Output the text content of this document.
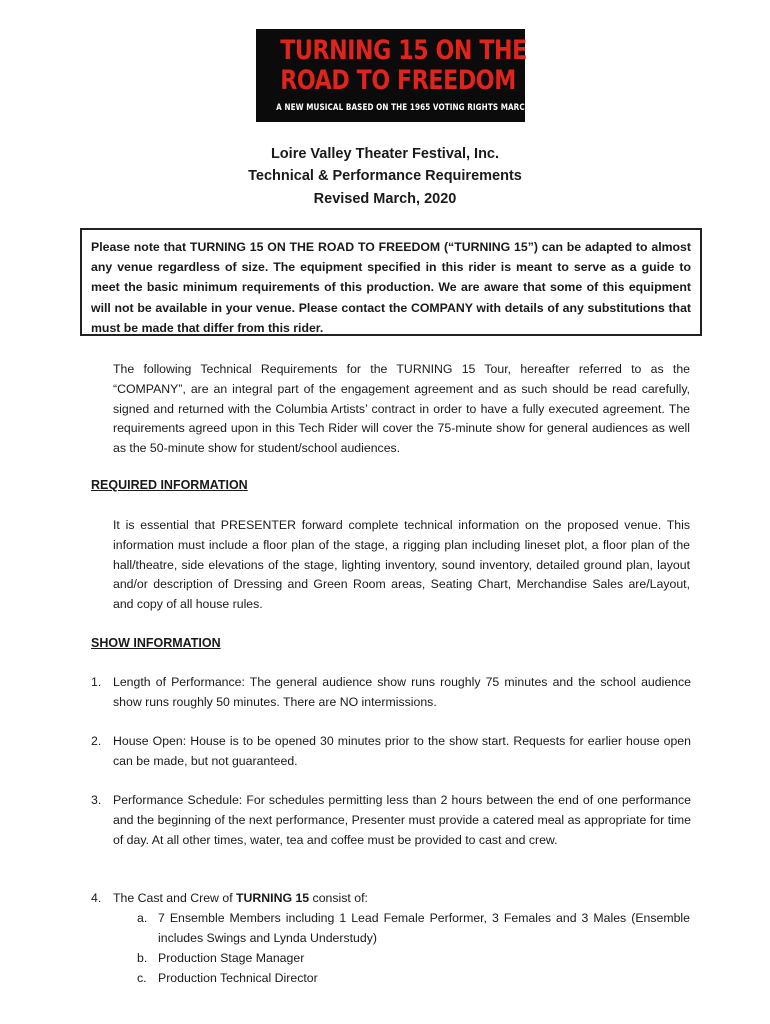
TURNING 15 ON THE
ROAD TO FREEDOM
A NEW MUSICAL BASED ON THE 1965 VOTING RIGHTS MARCH
Loire Valley Theater Festival, Inc.
Technical & Performance Requirements
Revised March, 2020
Please note that TURNING 15 ON THE ROAD TO FREEDOM (“TURNING 15”) can be adapted to almost any venue regardless of size. The equipment specified in this rider is meant to serve as a guide to meet the basic minimum requirements of this production. We are aware that some of this equipment will not be available in your venue. Please contact the COMPANY with details of any substitutions that must be made that differ from this rider.
The following Technical Requirements for the TURNING 15 Tour, hereafter referred to as the “COMPANY”, are an integral part of the engagement agreement and as such should be read carefully, signed and returned with the Columbia Artists’ contract in order to have a fully executed agreement. The requirements agreed upon in this Tech Rider will cover the 75-minute show for general audiences as well as the 50-minute show for student/school audiences.
REQUIRED INFORMATION
It is essential that PRESENTER forward complete technical information on the proposed venue. This information must include a floor plan of the stage, a rigging plan including lineset plot, a floor plan of the hall/theatre, side elevations of the stage, lighting inventory, sound inventory, detailed ground plan, layout and/or description of Dressing and Green Room areas, Seating Chart, Merchandise Sales are/Layout, and copy of all house rules.
SHOW INFORMATION
1. Length of Performance: The general audience show runs roughly 75 minutes and the school audience show runs roughly 50 minutes. There are NO intermissions.
2. House Open: House is to be opened 30 minutes prior to the show start. Requests for earlier house open can be made, but not guaranteed.
3. Performance Schedule: For schedules permitting less than 2 hours between the end of one performance and the beginning of the next performance, Presenter must provide a catered meal as appropriate for time of day. At all other times, water, tea and coffee must be provided to cast and crew.
4. The Cast and Crew of TURNING 15 consist of:
a. 7 Ensemble Members including 1 Lead Female Performer, 3 Females and 3 Males (Ensemble includes Swings and Lynda Understudy)
b. Production Stage Manager
c. Production Technical Director
